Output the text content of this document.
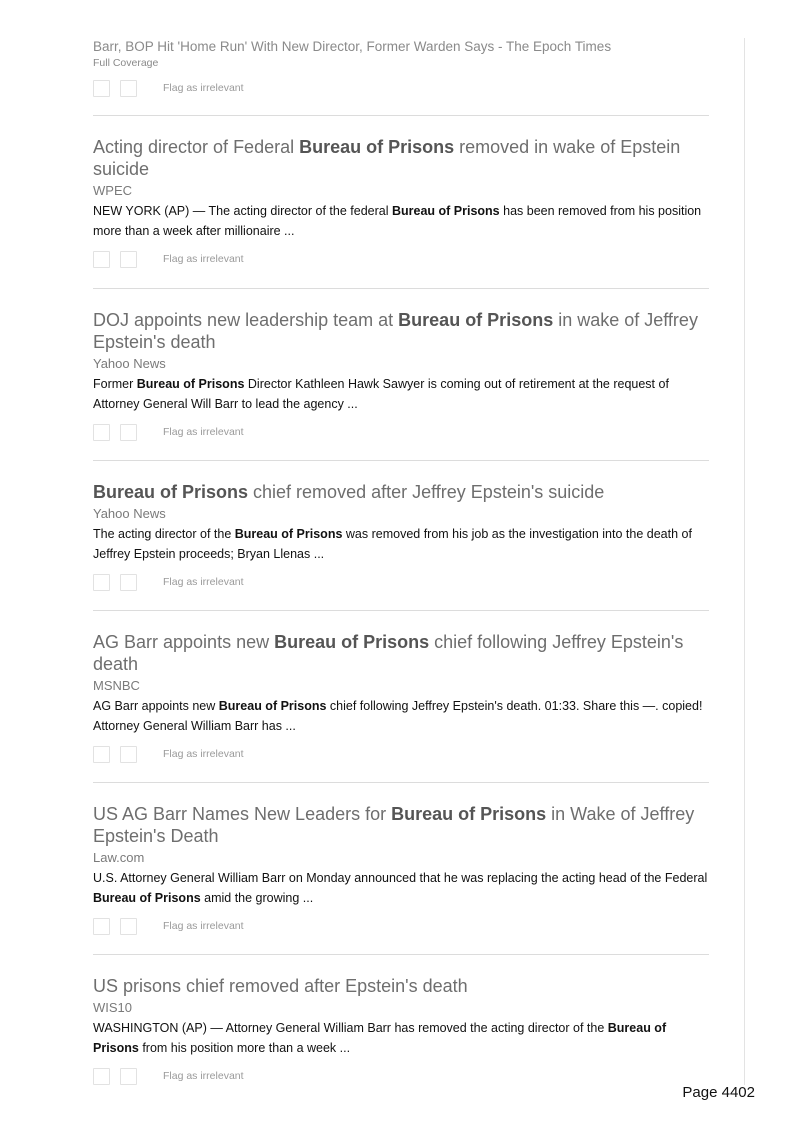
Barr, BOP Hit 'Home Run' With New Director, Former Warden Says - The Epoch Times
Full Coverage
Flag as irrelevant
Acting director of Federal Bureau of Prisons removed in wake of Epstein suicide
WPEC
NEW YORK (AP) — The acting director of the federal Bureau of Prisons has been removed from his position more than a week after millionaire ...
Flag as irrelevant
DOJ appoints new leadership team at Bureau of Prisons in wake of Jeffrey Epstein's death
Yahoo News
Former Bureau of Prisons Director Kathleen Hawk Sawyer is coming out of retirement at the request of Attorney General Will Barr to lead the agency ...
Flag as irrelevant
Bureau of Prisons chief removed after Jeffrey Epstein's suicide
Yahoo News
The acting director of the Bureau of Prisons was removed from his job as the investigation into the death of Jeffrey Epstein proceeds; Bryan Llenas ...
Flag as irrelevant
AG Barr appoints new Bureau of Prisons chief following Jeffrey Epstein's death
MSNBC
AG Barr appoints new Bureau of Prisons chief following Jeffrey Epstein's death. 01:33. Share this —. copied! Attorney General William Barr has ...
Flag as irrelevant
US AG Barr Names New Leaders for Bureau of Prisons in Wake of Jeffrey Epstein's Death
Law.com
U.S. Attorney General William Barr on Monday announced that he was replacing the acting head of the Federal Bureau of Prisons amid the growing ...
Flag as irrelevant
US prisons chief removed after Epstein's death
WIS10
WASHINGTON (AP) — Attorney General William Barr has removed the acting director of the Bureau of Prisons from his position more than a week ...
Flag as irrelevant
Page 4402
